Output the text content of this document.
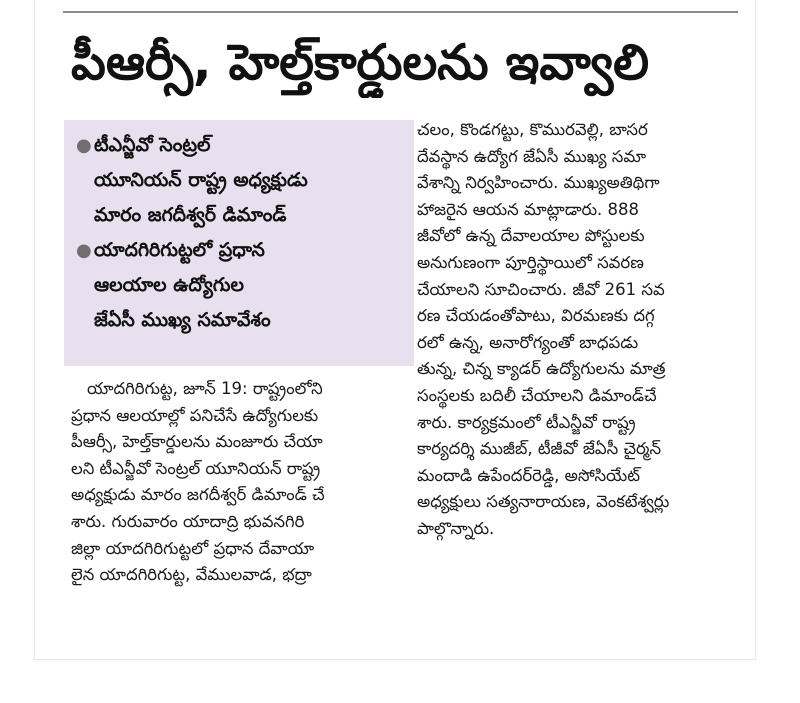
పీఆర్సీ, హెల్త్‌కార్డులను ఇవ్వాలి
● టీఎన్జీవో సెంట్రల్
యూనియన్ రాష్ట్ర అధ్యక్షుడు
మారం జగదీశ్వర్ డిమాండ్
● యాదగిరిగుట్టలో ప్రధాన
ఆలయాల ఉద్యోగుల
జేఏసీ ముఖ్య సమావేశం
యాదగిరిగుట్ట, జూన్ 19: రాష్ట్రంలోని
ప్రధాన ఆలయాల్లో పనిచేసే ఉద్యోగులకు
పీఆర్సీ, హెల్త్‌కార్డులను మంజూరు చేయా
లని టీఎన్జీవో సెంట్రల్ యూనియన్ రాష్ట్ర
అధ్యక్షుడు మారం జగదీశ్వర్ డిమాండ్ చే
శారు. గురువారం యాదాద్రి భువనగిరి
జిల్లా యాదగిరిగుట్టలో ప్రధాన దేవాయా
లైన యాదగిరిగుట్ట, వేములవాడ, భద్రా
చలం, కొండగట్టు, కొమురవెల్లి, బాసర
దేవస్థాన ఉద్యోగ జేఏసీ ముఖ్య సమా
వేశాన్ని నిర్వహించారు. ముఖ్యఅతిథిగా
హాజరైన ఆయన మాట్లాడారు. 888
జీవోలో ఉన్న దేవాలయాల పోస్టులకు
అనుగుణంగా పూర్తిస్థాయిలో సవరణ
చేయాలని సూచించారు. జీవో 261 సవ
రణ చేయడంతోపాటు, విరమణకు దగ్గ
రలో ఉన్న, అనారోగ్యంతో బాధపడు
తున్న, చిన్న క్యాడర్ ఉద్యోగులను మాత్ర
సంస్థలకు బదిలీ చేయాలని డిమాండ్‌చే
శారు. కార్యక్రమంలో టీఎన్జీవో రాష్ట్ర
కార్యదర్శి ముజీబ్, టీజీవో జేఏసీ చైర్మన్
మందాడి ఉపేందర్‌రెడ్డి, అసోసియేట్
అధ్యక్షులు సత్యనారాయణ, వెంకటేశ్వర్లు
పాల్గొన్నారు.
